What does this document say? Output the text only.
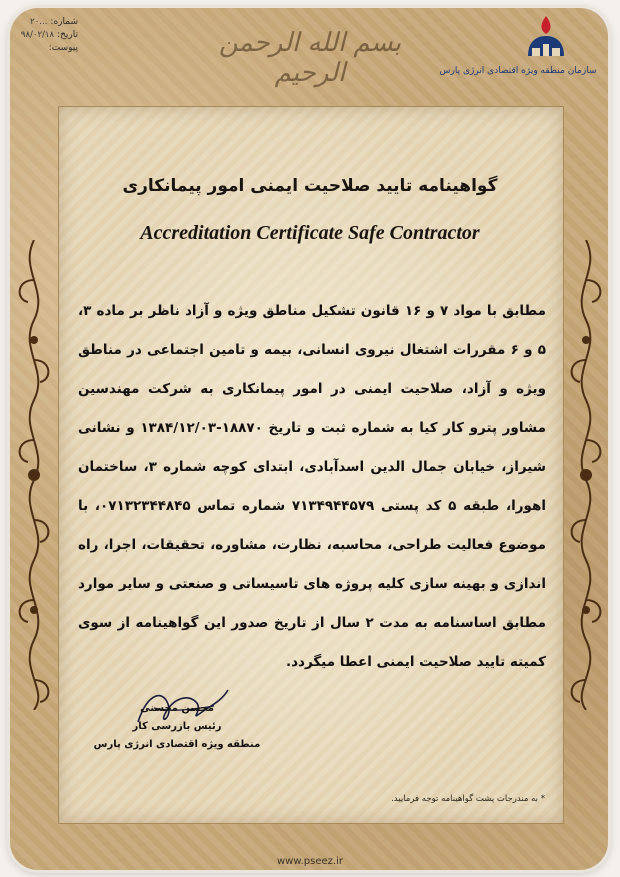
سازمان منطقه ویژه اقتصادی انرژی پارس
بسم الله الرحمن الرحیم
شماره:
...۲۰
تاریخ:
۹۸/۰۲/۱۸
پیوست:
گواهینامه تایید صلاحیت ایمنی امور پیمانکاری
Accreditation Certificate Safe Contractor
مطابق با مواد ۷ و ۱۶ قانون تشکیل مناطق ویژه و آزاد ناظر بر ماده ۳، ۵ و ۶ مقررات اشتغال نیروی انسانی، بیمه و تامین اجتماعی در مناطق ویژه و آزاد، صلاحیت ایمنی در امور پیمانکاری به شرکت مهندسین مشاور پترو کار کیا به شماره ثبت و تاریخ ۱۸۸۷۰-۱۳۸۴/۱۲/۰۳ و نشانی شیراز، خیابان جمال الدین اسدآبادی، ابتدای کوچه شماره ۳، ساختمان اهورا، طبقه ۵ کد پستی ۷۱۳۴۹۴۴۵۷۹ شماره تماس ۰۷۱۳۲۳۴۴۸۴۵، با موضوع فعالیت طراحی، محاسبه، نظارت، مشاوره، تحقیقات، اجرا، راه اندازی و بهینه سازی کلیه پروژه های تاسیساتی و صنعتی و سایر موارد مطابق اساسنامه به مدت ۲ سال از تاریخ صدور این گواهینامه از سوی کمیته تایید صلاحیت ایمنی اعطا میگردد.
محسن محسنی
رئیس بازرسی کار
منطقه ویژه اقتصادی انرژی پارس
* به مندرجات پشت گواهینامه توجه فرمایید.
www.pseez.ir
